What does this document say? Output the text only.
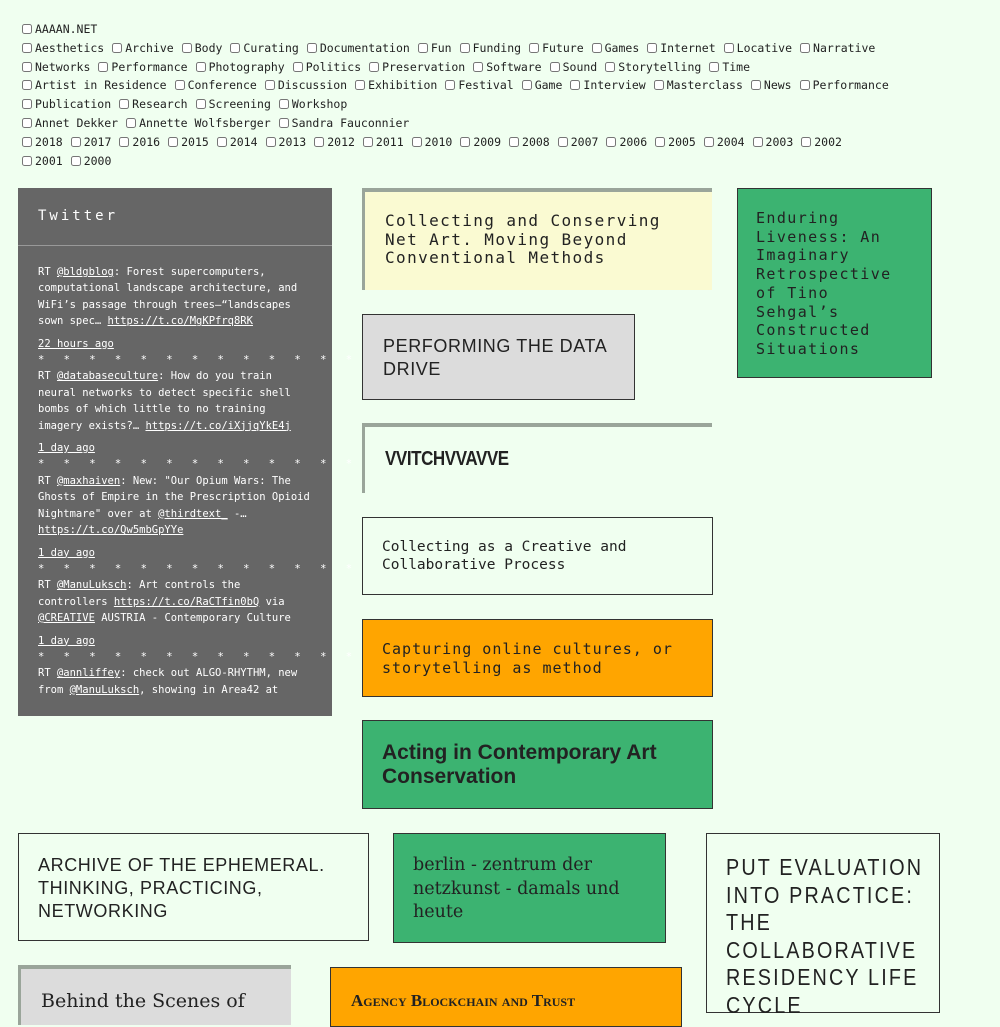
AAAAN.NET
Aesthetics Archive Body Curating Documentation Fun Funding Future Games Internet Locative Narrative
Networks Performance Photography Politics Preservation Software Sound Storytelling Time
Artist in Residence Conference Discussion Exhibition Festival Game Interview Masterclass News Performance
Publication Research Screening Workshop
Annet Dekker Annette Wolfsberger Sandra Fauconnier
2018 2017 2016 2015 2014 2013 2012 2011 2010 2009 2008 2007 2006 2005 2004 2003 2002
2001 2000
Twitter

RT @bldgblog: Forest supercomputers, computational landscape architecture, and WiFi’s passage through trees—“landscapes sown spec… https://t.co/MgKPfrq8RK

22 hours ago
* * * * * * * * * * * * *

RT @databaseculture: How do you train neural networks to detect specific shell bombs of which little to no training imagery exists?… https://t.co/iXjjqYkE4j

1 day ago
* * * * * * * * * * * * *

RT @maxhaiven: New: "Our Opium Wars: The Ghosts of Empire in the Prescription Opioid Nightmare" over at @thirdtext_ -… https://t.co/Qw5mbGpYYe

1 day ago
* * * * * * * * * * * * *

RT @ManuLuksch: Art controls the controllers https://t.co/RaCTfin0bQ via @CREATIVE AUSTRIA - Contemporary Culture

1 day ago
* * * * * * * * * * * * *

RT @annliffey: check out ALGO-RHYTHM, new from @ManuLuksch, showing in Area42 at

Collecting and Conserving Net Art. Moving Beyond Conventional Methods
PERFORMING THE DATA DRIVE
VVITCHVVAVVE
Collecting as a Creative and Collaborative Process
Capturing online cultures, or storytelling as method
Acting in Contemporary Art Conservation
Enduring Liveness: An Imaginary Retrospective of Tino Sehgal’s Constructed Situations
ARCHIVE OF THE EPHEMERAL. THINKING, PRACTICING, NETWORKING
berlin - zentrum der netzkunst - damals und heute
PUT EVALUATION INTO PRACTICE: THE COLLABORATIVE RESIDENCY LIFE CYCLE
Behind the Scenes of	Agency Blockchain and Trust
